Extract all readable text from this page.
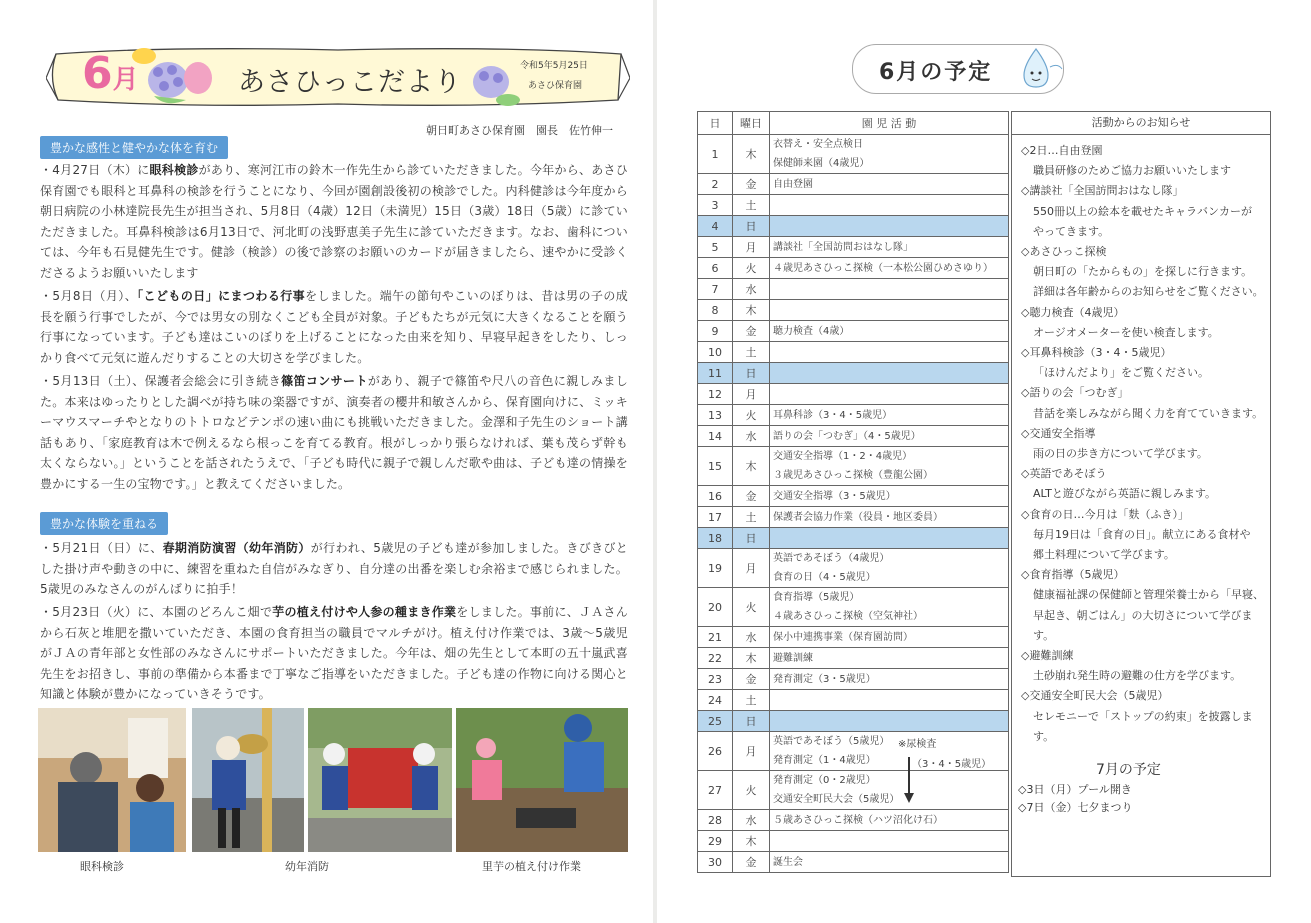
6月	あさひっこだより
令和5年5月25日
あさひ保育園
朝日町あさひ保育園　園長　佐竹伸一
豊かな感性と健やかな体を育む
・4月27日（木）に眼科検診があり、寒河江市の鈴木一作先生から診ていただきました。今年から、あさひ保育園でも眼科と耳鼻科の検診を行うことになり、今回が園創設後初の検診でした。内科健診は今年度から朝日病院の小林達院長先生が担当され、5月8日（4歳）12日（未満児）15日（3歳）18日（5歳）に診ていただきました。耳鼻科検診は6月13日で、河北町の浅野恵美子先生に診ていただきます。なお、歯科については、今年も石見健先生です。健診（検診）の後で診察のお願いのカードが届きましたら、速やかに受診くださるようお願いいたします
・5月8日（月）、「こどもの日」にまつわる行事をしました。端午の節句やこいのぼりは、昔は男の子の成長を願う行事でしたが、今では男女の別なくこども全員が対象。子どもたちが元気に大きくなることを願う行事になっています。子ども達はこいのぼりを上げることになった由来を知り、早寝早起きをしたり、しっかり食べて元気に遊んだりすることの大切さを学びました。
・5月13日（土）、保護者会総会に引き続き篠笛コンサートがあり、親子で篠笛や尺八の音色に親しみました。本来はゆったりとした調べが持ち味の楽器ですが、演奏者の櫻井和敏さんから、保育園向けに、ミッキーマウスマーチやとなりのトトロなどテンポの速い曲にも挑戦いただきました。金澤和子先生のショート講話もあり、「家庭教育は木で例えるなら根っこを育てる教育。根がしっかり張らなければ、葉も茂らず幹も太くならない。」ということを話されたうえで、「子ども時代に親子で親しんだ歌や曲は、子ども達の情操を豊かにする一生の宝物です。」と教えてくださいました。
豊かな体験を重ねる
・5月21日（日）に、春期消防演習（幼年消防）が行われ、5歳児の子ども達が参加しました。きびきびとした掛け声や動きの中に、練習を重ねた自信がみなぎり、自分達の出番を楽しむ余裕まで感じられました。5歳児のみなさんのがんばりに拍手！
・5月23日（火）に、本園のどろんこ畑で芋の植え付けや人参の種まき作業をしました。事前に、ＪＡさんから石灰と堆肥を撒いていただき、本園の食育担当の職員でマルチがけ。植え付け作業では、3歳～5歳児がＪＡの青年部と女性部のみなさんにサポートいただきました。今年は、畑の先生として本町の五十嵐武喜先生をお招きし、事前の準備から本番まで丁寧なご指導をいただきました。子ども達の作物に向ける関心と知識と体験が豊かになっていきそうです。
眼科検診	幼年消防	里芋の植え付け作業
6月の予定
日	曜日	園 児 活 動
1	木	衣替え・安全点検日
保健師来園（4歳児）

2	金	自由登園

3	土	
4	日	
5	月	講談社「全国訪問おはなし隊」

6	火	４歳児あさひっこ探検（一本松公園ひめさゆり）

7	水	
8	木	
9	金	聴力検査（4歳）

10	土	
11	日	
12	月	
13	火	耳鼻科診（3・4・5歳児）

14	水	語りの会「つむぎ」（4・5歳児）

15	木	交通安全指導（1・2・4歳児）
３歳児あさひっこ探検（豊龍公園）

16	金	交通安全指導（3・5歳児）

17	土	保護者会協力作業（役員・地区委員）

18	日	
19	月	英語であそぼう（4歳児）
食育の日（4・5歳児）

20	火	食育指導（5歳児）
４歳あさひっこ探検（空気神社）

21	水	保小中連携事業（保育園訪問）

22	木	避難訓練

23	金	発育測定（3・5歳児）

24	土	
25	日	
26	月	英語であそぼう（5歳児）
発育測定（1・4歳児）

27	火	発育測定（0・2歳児）
交通安全町民大会（5歳児）

28	水	５歳あさひっこ探検（ハツ沼化け石）

29	木	
30	金	誕生会
※尿検査
（3・4・5歳児）
活動からのお知らせ
◇2日…自由登園
職員研修のためご協力お願いいたします
◇講談社「全国訪問おはなし隊」
550冊以上の絵本を載せたキャラバンカーが
やってきます。
◇あさひっこ探検
朝日町の「たからもの」を探しに行きます。
詳細は各年齢からのお知らせをご覧ください。
◇聴力検査（4歳児）
オージオメーターを使い検査します。
◇耳鼻科検診（3・4・5歳児）
「ほけんだより」をご覧ください。
◇語りの会「つむぎ」
昔話を楽しみながら聞く力を育てていきます。
◇交通安全指導
雨の日の歩き方について学びます。
◇英語であそぼう
ALTと遊びながら英語に親しみます。
◇食育の日…今月は「麩（ふき）」
毎月19日は「食育の日」。献立にある食材や
郷土料理について学びます。
◇食育指導（5歳児）
健康福祉課の保健師と管理栄養士から「早寝、
早起き、朝ごはん」の大切さについて学びます。
◇避難訓練
土砂崩れ発生時の避難の仕方を学びます。
◇交通安全町民大会（5歳児）
セレモニーで「ストップの約束」を披露します。
7月の予定
◇3日（月）プール開き
◇7日（金）七夕まつり
